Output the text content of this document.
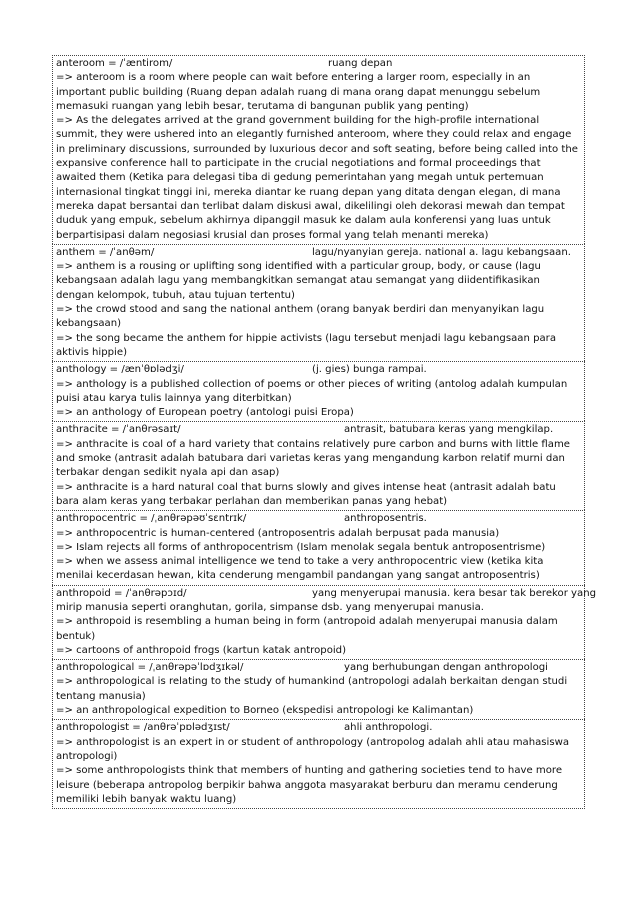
anteroom = /ˈæntirom/	ruang depan

=> anteroom is a room where people can wait before entering a larger room, especially in an important public building (Ruang depan adalah ruang di mana orang dapat menunggu sebelum memasuki ruangan yang lebih besar, terutama di bangunan publik yang penting)

=> As the delegates arrived at the grand government building for the high-profile international summit, they were ushered into an elegantly furnished anteroom, where they could relax and engage in preliminary discussions, surrounded by luxurious decor and soft seating, before being called into the expansive conference hall to participate in the crucial negotiations and formal proceedings that awaited them (Ketika para delegasi tiba di gedung pemerintahan yang megah untuk pertemuan internasional tingkat tinggi ini, mereka diantar ke ruang depan yang ditata dengan elegan, di mana mereka dapat bersantai dan terlibat dalam diskusi awal, dikelilingi oleh dekorasi mewah dan tempat duduk yang empuk, sebelum akhirnya dipanggil masuk ke dalam aula konferensi yang luas untuk berpartisipasi dalam negosiasi krusial dan proses formal yang telah menanti mereka)

anthem = /ˈanθəm/	lagu/nyanyian gereja. national a. lagu kebangsaan.

=> anthem is a rousing or uplifting song identified with a particular group, body, or cause (lagu kebangsaan adalah lagu yang membangkitkan semangat atau semangat yang diidentifikasikan dengan kelompok, tubuh, atau tujuan tertentu)

=> the crowd stood and sang the national anthem (orang banyak berdiri dan menyanyikan lagu kebangsaan)

=> the song became the anthem for hippie activists (lagu tersebut menjadi lagu kebangsaan para aktivis hippie)

anthology = /ænˈθɒlədʒi/	(j. gies) bunga rampai.

=> anthology is a published collection of poems or other pieces of writing (antolog adalah kumpulan puisi atau karya tulis lainnya yang diterbitkan)

=> an anthology of European poetry (antologi puisi Eropa)

anthracite = /ˈanθrəsaɪt/	antrasit, batubara keras yang mengkilap.

=> anthracite is coal of a hard variety that contains relatively pure carbon and burns with little flame and smoke (antrasit adalah batubara dari varietas keras yang mengandung karbon relatif murni dan terbakar dengan sedikit nyala api dan asap)

=> anthracite is a hard natural coal that burns slowly and gives intense heat (antrasit adalah batu bara alam keras yang terbakar perlahan dan memberikan panas yang hebat)

anthropocentric = /ˌanθrəpəʊˈsɛntrɪk/	anthroposentris.

=> anthropocentric is human-centered (antroposentris adalah berpusat pada manusia)

=> Islam rejects all forms of anthropocentrism (Islam menolak segala bentuk antroposentrisme)

=> when we assess animal intelligence we tend to take a very anthropocentric view (ketika kita menilai kecerdasan hewan, kita cenderung mengambil pandangan yang sangat antroposentris)

anthropoid = /ˈanθrəpɔɪd/	yang menyerupai manusia. kera besar tak berekor yang

mirip manusia seperti oranghutan, gorila, simpanse dsb. yang menyerupai manusia.

=> anthropoid is resembling a human being in form (antropoid adalah menyerupai manusia dalam bentuk)

=> cartoons of anthropoid frogs (kartun katak antropoid)

anthropological = /ˌanθrəpəˈlɒdʒɪkəl/	yang berhubungan dengan anthropologi

=> anthropological is relating to the study of humankind (antropologi adalah berkaitan dengan studi tentang manusia)

=> an anthropological expedition to Borneo (ekspedisi antropologi ke Kalimantan)

anthropologist = /anθrəˈpɒlədʒɪst/	ahli anthropologi.

=> anthropologist is an expert in or student of anthropology (antropolog adalah ahli atau mahasiswa antropologi)

=> some anthropologists think that members of hunting and gathering societies tend to have more leisure (beberapa antropolog berpikir bahwa anggota masyarakat berburu dan meramu cenderung memiliki lebih banyak waktu luang)
